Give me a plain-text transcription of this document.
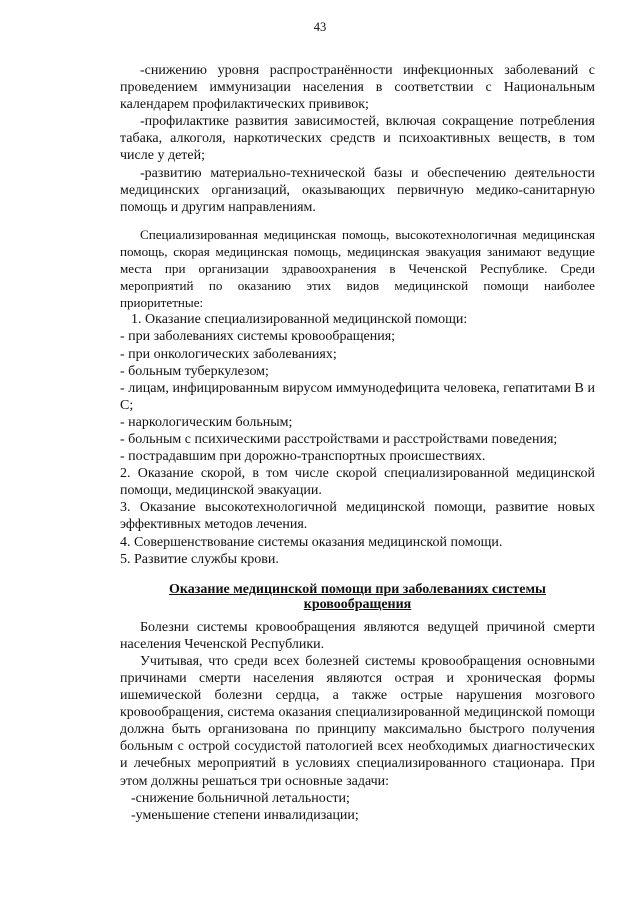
43

-снижению уровня распространённости инфекционных заболеваний с проведением иммунизации населения в соответствии с Национальным календарем профилактических прививок;

-профилактике развития зависимостей, включая сокращение потребления табака, алкоголя, наркотических средств и психоактивных веществ, в том числе у детей;

-развитию материально-технической базы и обеспечению деятельности медицинских организаций, оказывающих первичную медико-санитарную помощь и другим направлениям.

Специализированная медицинская помощь, высокотехнологичная медицинская помощь, скорая медицинская помощь, медицинская эвакуация занимают ведущие места при организации здравоохранения в Чеченской Республике. Среди мероприятий по оказанию этих видов медицинской помощи наиболее приоритетные:

1. Оказание специализированной медицинской помощи:

- при заболеваниях системы кровообращения;

- при онкологических заболеваниях;

- больным туберкулезом;

- лицам, инфицированным вирусом иммунодефицита человека, гепатитами В и С;

- наркологическим больным;

- больным с психическими расстройствами и расстройствами поведения;

- пострадавшим при дорожно-транспортных происшествиях.

2. Оказание скорой, в том числе скорой специализированной медицинской помощи, медицинской эвакуации.

3. Оказание высокотехнологичной медицинской помощи, развитие новых эффективных методов лечения.

4. Совершенствование системы оказания медицинской помощи.

5. Развитие службы крови.

Оказание медицинской помощи при заболеваниях системы кровообращения

Болезни системы кровообращения являются ведущей причиной смерти населения Чеченской Республики.

Учитывая, что среди всех болезней системы кровообращения основными причинами смерти населения являются острая и хроническая формы ишемической болезни сердца, а также острые нарушения мозгового кровообращения, система оказания специализированной медицинской помощи должна быть организована по принципу максимально быстрого получения больным с острой сосудистой патологией всех необходимых диагностических и лечебных мероприятий в условиях специализированного стационара. При этом должны решаться три основные задачи:

-снижение больничной летальности;

-уменьшение степени инвалидизации;
